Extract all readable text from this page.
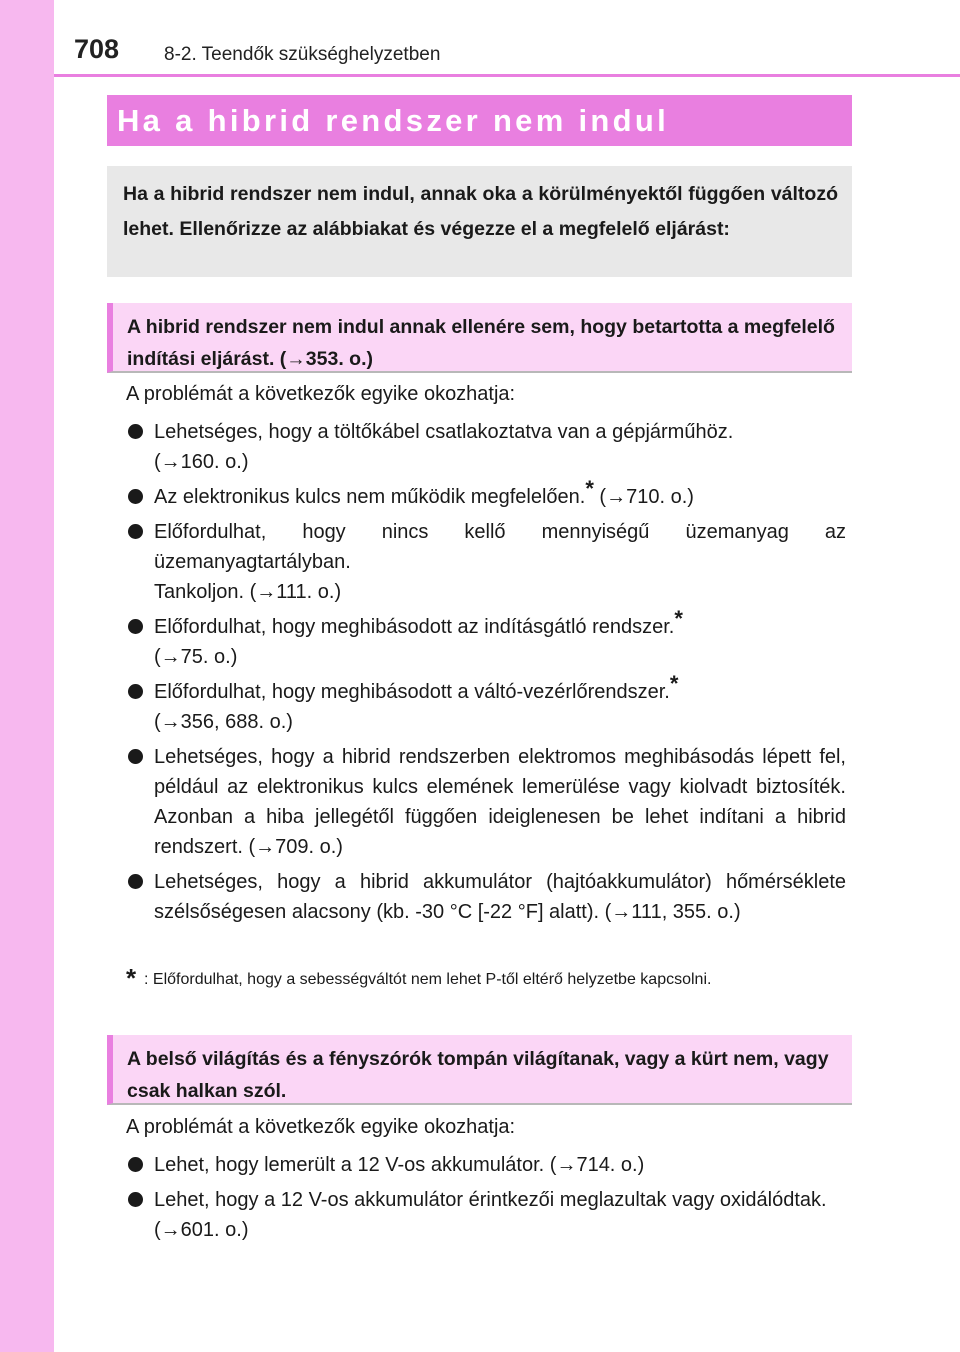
708 8-2. Teendők szükséghelyzetben
Ha a hibrid rendszer nem indul
Ha a hibrid rendszer nem indul, annak oka a körülményektől függően változó lehet. Ellenőrizze az alábbiakat és végezze el a megfelelő eljárást:
A hibrid rendszer nem indul annak ellenére sem, hogy betartotta a megfelelő indítási eljárást. (→353. o.)

A problémát a következők egyike okozhatja:

Lehetséges, hogy a töltőkábel csatlakoztatva van a gépjárműhöz.
(→160. o.)
Az elektronikus kulcs nem működik megfelelően.* (→710. o.)
Előfordulhat, hogy nincs kellő mennyiségű üzemanyag az üzemanyagtartályban.
Tankoljon. (→111. o.)
Előfordulhat, hogy meghibásodott az indításgátló rendszer.*
(→75. o.)
Előfordulhat, hogy meghibásodott a váltó-vezérlőrendszer.*
(→356, 688. o.)
Lehetséges, hogy a hibrid rendszerben elektromos meghibásodás lépett fel, például az elektronikus kulcs elemének lemerülése vagy kiolvadt biztosíték. Azonban a hiba jellegétől függően ideiglenesen be lehet indítani a hibrid rendszert. (→709. o.)
Lehetséges, hogy a hibrid akkumulátor (hajtóakkumulátor) hőmérséklete szélsőségesen alacsony (kb. -30 °C [-22 °F] alatt). (→111, 355. o.)
* : Előfordulhat, hogy a sebességváltót nem lehet P-től eltérő helyzetbe kapcsolni.
A belső világítás és a fényszórók tompán világítanak, vagy a kürt nem, vagy csak halkan szól.

A problémát a következők egyike okozhatja:

Lehet, hogy lemerült a 12 V-os akkumulátor. (→714. o.)
Lehet, hogy a 12 V-os akkumulátor érintkezői meglazultak vagy oxidálódtak.
(→601. o.)
